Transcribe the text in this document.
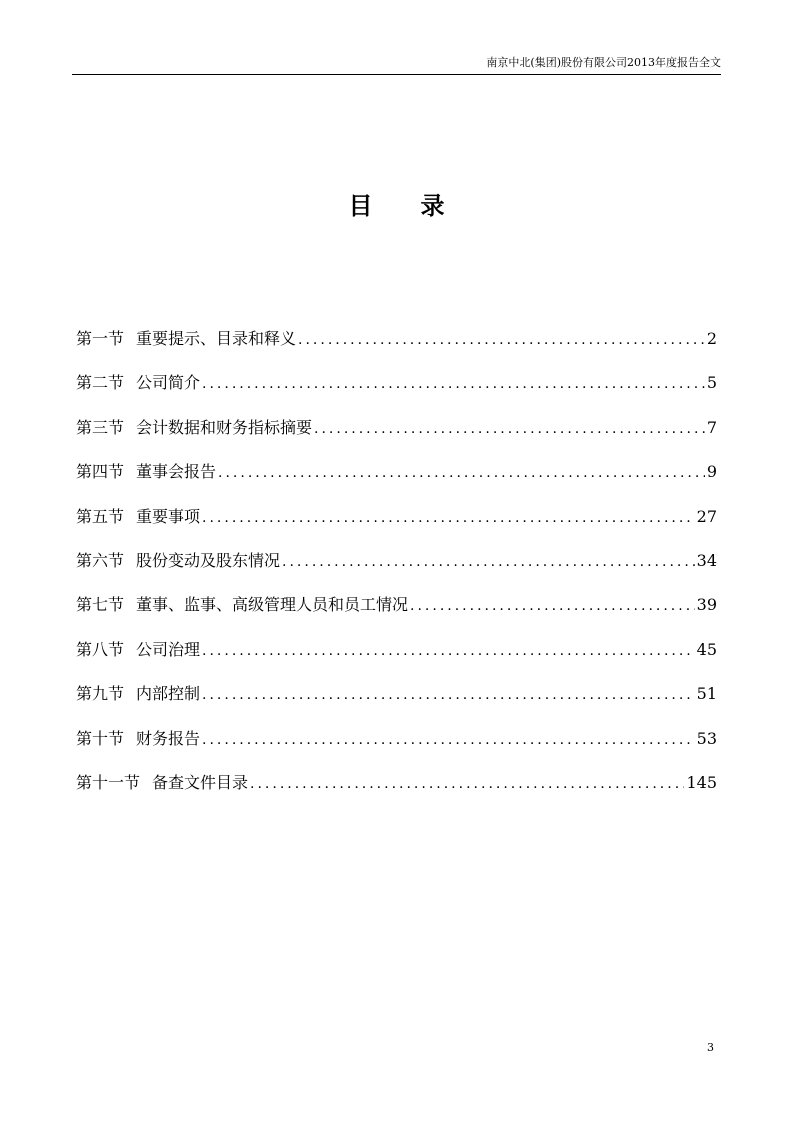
南京中北(集团)股份有限公司2013年度报告全文
目录
第一节 重要提示、目录和释义 .....	2
第二节 公司简介 .....	5
第三节 会计数据和财务指标摘要 .....	7
第四节 董事会报告 .....	9
第五节 重要事项 .....	27
第六节 股份变动及股东情况 .....	34
第七节 董事、监事、高级管理人员和员工情况 .....	39
第八节 公司治理 .....	45
第九节 内部控制 .....	51
第十节 财务报告 .....	53
第十一节 备查文件目录 .....	145
3
